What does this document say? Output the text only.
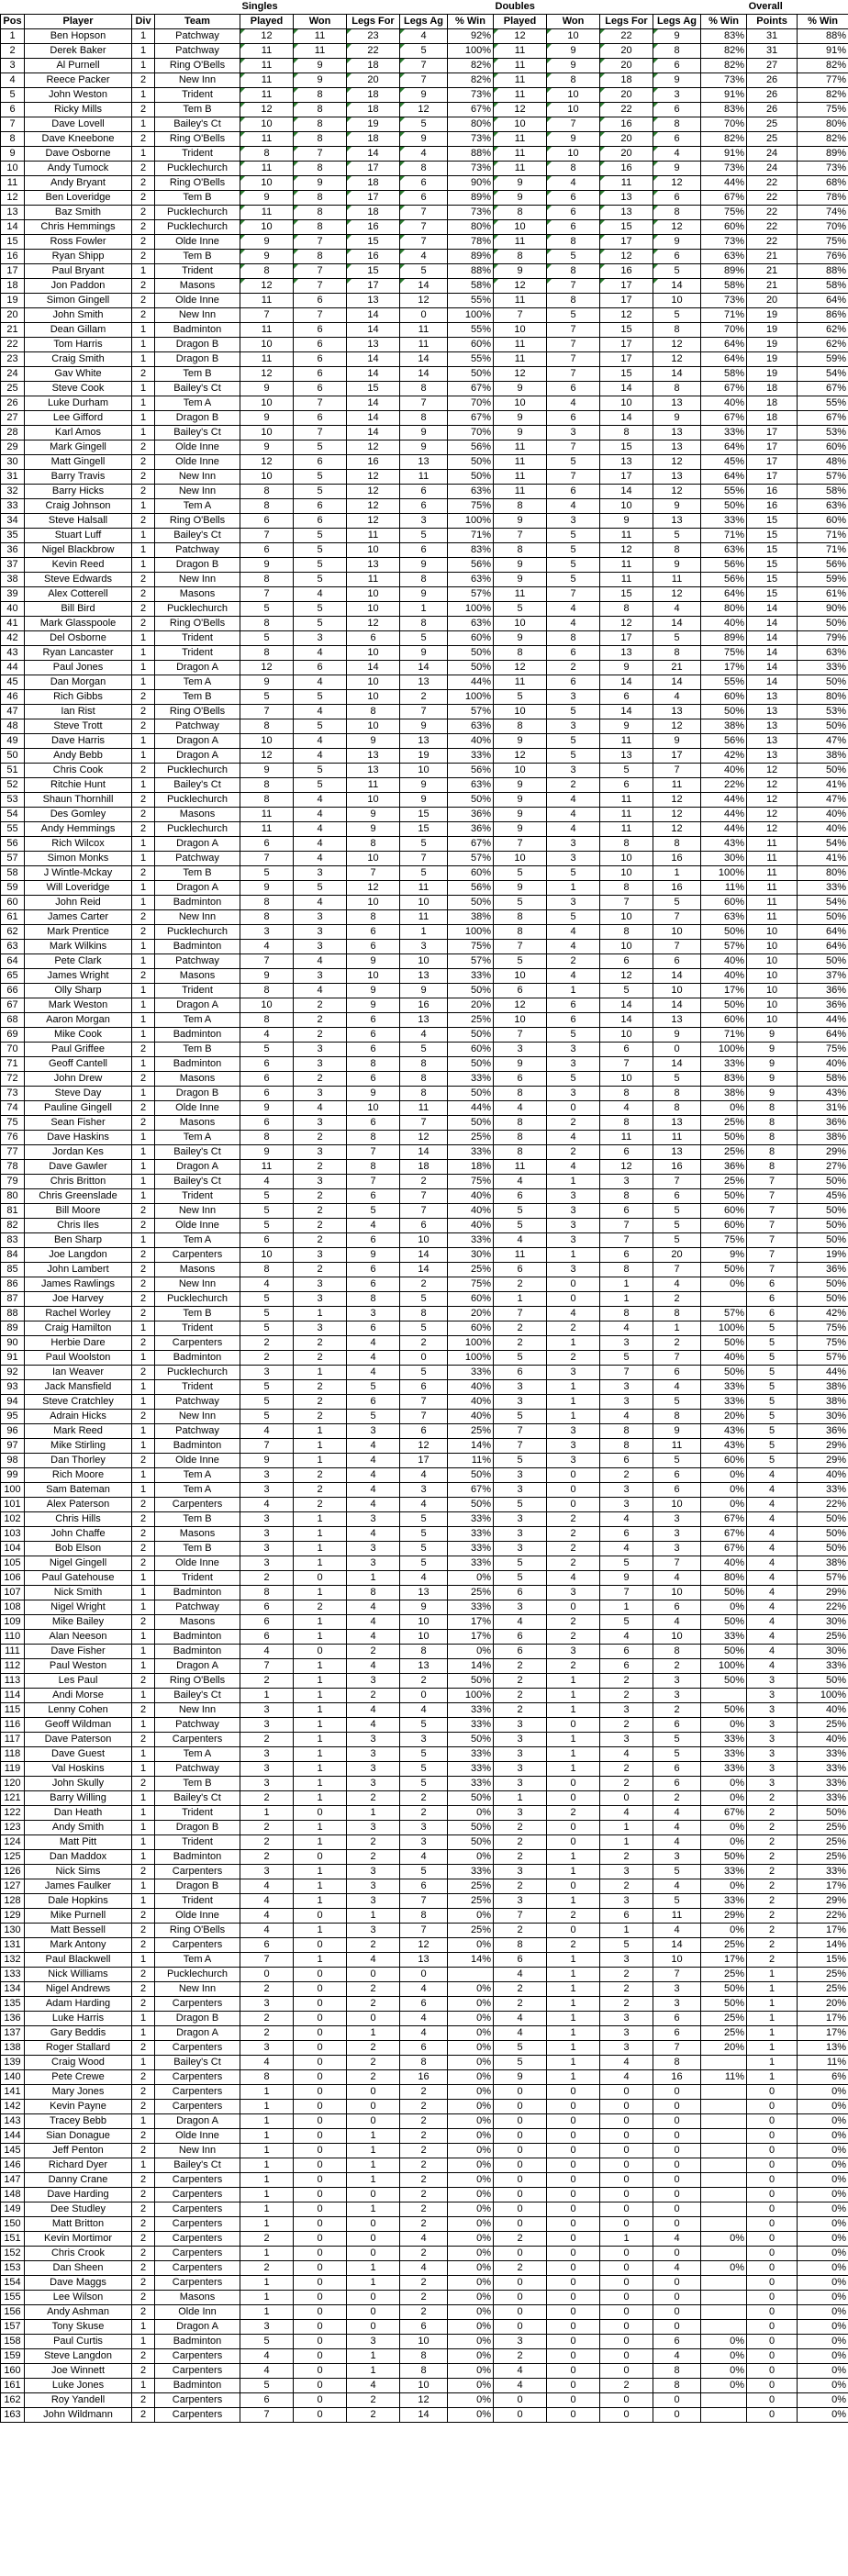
				Singles					Doubles					Overall	
Pos	Player	Div	Team	Played	Won	Legs For	Legs Ag	% Win	Played	Won	Legs For	Legs Ag	% Win	Points	% Win
1	Ben Hopson	1	Patchway	12	11	23	4	92%	12	10	22	9	83%	31	88%
2	Derek Baker	1	Patchway	11	11	22	5	100%	11	9	20	8	82%	31	91%
3	Al Purnell	1	Ring O'Bells	11	9	18	7	82%	11	9	20	6	82%	27	82%
4	Reece Packer	2	New Inn	11	9	20	7	82%	11	8	18	9	73%	26	77%
5	John Weston	1	Trident	11	8	18	9	73%	11	10	20	3	91%	26	82%
6	Ricky Mills	2	Tem B	12	8	18	12	67%	12	10	22	6	83%	26	75%
7	Dave Lovell	1	Bailey's Ct	10	8	19	5	80%	10	7	16	8	70%	25	80%
8	Dave Kneebone	2	Ring O'Bells	11	8	18	9	73%	11	9	20	6	82%	25	82%
9	Dave Osborne	1	Trident	8	7	14	4	88%	11	10	20	4	91%	24	89%
10	Andy Tumock	2	Pucklechurch	11	8	17	8	73%	11	8	16	9	73%	24	73%
11	Andy Bryant	2	Ring O'Bells	10	9	18	6	90%	9	4	11	12	44%	22	68%
12	Ben Loveridge	2	Tem B	9	8	17	6	89%	9	6	13	6	67%	22	78%
13	Baz Smith	2	Pucklechurch	11	8	18	7	73%	8	6	13	8	75%	22	74%
14	Chris Hemmings	2	Pucklechurch	10	8	16	7	80%	10	6	15	12	60%	22	70%
15	Ross Fowler	2	Olde Inne	9	7	15	7	78%	11	8	17	9	73%	22	75%
16	Ryan Shipp	2	Tem B	9	8	16	4	89%	8	5	12	6	63%	21	76%
17	Paul Bryant	1	Trident	8	7	15	5	88%	9	8	16	5	89%	21	88%
18	Jon Paddon	2	Masons	12	7	17	14	58%	12	7	17	14	58%	21	58%
19	Simon Gingell	2	Olde Inne	11	6	13	12	55%	11	8	17	10	73%	20	64%
20	John Smith	2	New Inn	7	7	14	0	100%	7	5	12	5	71%	19	86%
21	Dean Gillam	1	Badminton	11	6	14	11	55%	10	7	15	8	70%	19	62%
22	Tom Harris	1	Dragon B	10	6	13	11	60%	11	7	17	12	64%	19	62%
23	Craig Smith	1	Dragon B	11	6	14	14	55%	11	7	17	12	64%	19	59%
24	Gav White	2	Tem B	12	6	14	14	50%	12	7	15	14	58%	19	54%
25	Steve Cook	1	Bailey's Ct	9	6	15	8	67%	9	6	14	8	67%	18	67%
26	Luke Durham	1	Tem A	10	7	14	7	70%	10	4	10	13	40%	18	55%
27	Lee Gifford	1	Dragon B	9	6	14	8	67%	9	6	14	9	67%	18	67%
28	Karl Amos	1	Bailey's Ct	10	7	14	9	70%	9	3	8	13	33%	17	53%
29	Mark Gingell	2	Olde Inne	9	5	12	9	56%	11	7	15	13	64%	17	60%
30	Matt Gingell	2	Olde Inne	12	6	16	13	50%	11	5	13	12	45%	17	48%
31	Barry Travis	2	New Inn	10	5	12	11	50%	11	7	17	13	64%	17	57%
32	Barry Hicks	2	New Inn	8	5	12	6	63%	11	6	14	12	55%	16	58%
33	Craig Johnson	1	Tem A	8	6	12	6	75%	8	4	10	9	50%	16	63%
34	Steve Halsall	2	Ring O'Bells	6	6	12	3	100%	9	3	9	13	33%	15	60%
35	Stuart Luff	1	Bailey's Ct	7	5	11	5	71%	7	5	11	5	71%	15	71%
36	Nigel Blackbrow	1	Patchway	6	5	10	6	83%	8	5	12	8	63%	15	71%
37	Kevin Reed	1	Dragon B	9	5	13	9	56%	9	5	11	9	56%	15	56%
38	Steve Edwards	2	New Inn	8	5	11	8	63%	9	5	11	11	56%	15	59%
39	Alex Cotterell	2	Masons	7	4	10	9	57%	11	7	15	12	64%	15	61%
40	Bill Bird	2	Pucklechurch	5	5	10	1	100%	5	4	8	4	80%	14	90%
41	Mark Glasspoole	2	Ring O'Bells	8	5	12	8	63%	10	4	12	14	40%	14	50%
42	Del Osborne	1	Trident	5	3	6	5	60%	9	8	17	5	89%	14	79%
43	Ryan Lancaster	1	Trident	8	4	10	9	50%	8	6	13	8	75%	14	63%
44	Paul Jones	1	Dragon A	12	6	14	14	50%	12	2	9	21	17%	14	33%
45	Dan Morgan	1	Tem A	9	4	10	13	44%	11	6	14	14	55%	14	50%
46	Rich Gibbs	2	Tem B	5	5	10	2	100%	5	3	6	4	60%	13	80%
47	Ian Rist	2	Ring O'Bells	7	4	8	7	57%	10	5	14	13	50%	13	53%
48	Steve Trott	2	Patchway	8	5	10	9	63%	8	3	9	12	38%	13	50%
49	Dave Harris	1	Dragon A	10	4	9	13	40%	9	5	11	9	56%	13	47%
50	Andy Bebb	1	Dragon A	12	4	13	19	33%	12	5	13	17	42%	13	38%
51	Chris Cook	2	Pucklechurch	9	5	13	10	56%	10	3	5	7	40%	12	50%
52	Ritchie Hunt	1	Bailey's Ct	8	5	11	9	63%	9	2	6	11	22%	12	41%
53	Shaun Thornhill	2	Pucklechurch	8	4	10	9	50%	9	4	11	12	44%	12	47%
54	Des Gomley	2	Masons	11	4	9	15	36%	9	4	11	12	44%	12	40%
55	Andy Hemmings	2	Pucklechurch	11	4	9	15	36%	9	4	11	12	44%	12	40%
56	Rich Wilcox	1	Dragon A	6	4	8	5	67%	7	3	8	8	43%	11	54%
57	Simon Monks	1	Patchway	7	4	10	7	57%	10	3	10	16	30%	11	41%
58	J Wintle-Mckay	2	Tem B	5	3	7	5	60%	5	5	10	1	100%	11	80%
59	Will Loveridge	1	Dragon A	9	5	12	11	56%	9	1	8	16	11%	11	33%
60	John Reid	1	Badminton	8	4	10	10	50%	5	3	7	5	60%	11	54%
61	James Carter	2	New Inn	8	3	8	11	38%	8	5	10	7	63%	11	50%
62	Mark Prentice	2	Pucklechurch	3	3	6	1	100%	8	4	8	10	50%	10	64%
63	Mark Wilkins	1	Badminton	4	3	6	3	75%	7	4	10	7	57%	10	64%
64	Pete Clark	1	Patchway	7	4	9	10	57%	5	2	6	6	40%	10	50%
65	James Wright	2	Masons	9	3	10	13	33%	10	4	12	14	40%	10	37%
66	Olly Sharp	1	Trident	8	4	9	9	50%	6	1	5	10	17%	10	36%
67	Mark Weston	1	Dragon A	10	2	9	16	20%	12	6	14	14	50%	10	36%
68	Aaron Morgan	1	Tem A	8	2	6	13	25%	10	6	14	13	60%	10	44%
69	Mike Cook	1	Badminton	4	2	6	4	50%	7	5	10	9	71%	9	64%
70	Paul Griffee	2	Tem B	5	3	6	5	60%	3	3	6	0	100%	9	75%
71	Geoff Cantell	1	Badminton	6	3	8	8	50%	9	3	7	14	33%	9	40%
72	John Drew	2	Masons	6	2	6	8	33%	6	5	10	5	83%	9	58%
73	Steve Day	1	Dragon B	6	3	9	8	50%	8	3	8	8	38%	9	43%
74	Pauline Gingell	2	Olde Inne	9	4	10	11	44%	4	0	4	8	0%	8	31%
75	Sean Fisher	2	Masons	6	3	6	7	50%	8	2	8	13	25%	8	36%
76	Dave Haskins	1	Tem A	8	2	8	12	25%	8	4	11	11	50%	8	38%
77	Jordan Kes	1	Bailey's Ct	9	3	7	14	33%	8	2	6	13	25%	8	29%
78	Dave Gawler	1	Dragon A	11	2	8	18	18%	11	4	12	16	36%	8	27%
79	Chris Britton	1	Bailey's Ct	4	3	7	2	75%	4	1	3	7	25%	7	50%
80	Chris Greenslade	1	Trident	5	2	6	7	40%	6	3	8	6	50%	7	45%
81	Bill Moore	2	New Inn	5	2	5	7	40%	5	3	6	5	60%	7	50%
82	Chris Iles	2	Olde Inne	5	2	4	6	40%	5	3	7	5	60%	7	50%
83	Ben Sharp	1	Tem A	6	2	6	10	33%	4	3	7	5	75%	7	50%
84	Joe Langdon	2	Carpenters	10	3	9	14	30%	11	1	6	20	9%	7	19%
85	John Lambert	2	Masons	8	2	6	14	25%	6	3	8	7	50%	7	36%
86	James Rawlings	2	New Inn	4	3	6	2	75%	2	0	1	4	0%	6	50%
87	Joe Harvey	2	Pucklechurch	5	3	8	5	60%	1	0	1	2		6	50%
88	Rachel Worley	2	Tem B	5	1	3	8	20%	7	4	8	8	57%	6	42%
89	Craig Hamilton	1	Trident	5	3	6	5	60%	2	2	4	1	100%	5	75%
90	Herbie Dare	2	Carpenters	2	2	4	2	100%	2	1	3	2	50%	5	75%
91	Paul Woolston	1	Badminton	2	2	4	0	100%	5	2	5	7	40%	5	57%
92	Ian Weaver	2	Pucklechurch	3	1	4	5	33%	6	3	7	6	50%	5	44%
93	Jack Mansfield	1	Trident	5	2	5	6	40%	3	1	3	4	33%	5	38%
94	Steve Cratchley	1	Patchway	5	2	6	7	40%	3	1	3	5	33%	5	38%
95	Adrain Hicks	2	New Inn	5	2	5	7	40%	5	1	4	8	20%	5	30%
96	Mark Reed	1	Patchway	4	1	3	6	25%	7	3	8	9	43%	5	36%
97	Mike Stirling	1	Badminton	7	1	4	12	14%	7	3	8	11	43%	5	29%
98	Dan Thorley	2	Olde Inne	9	1	4	17	11%	5	3	6	5	60%	5	29%
99	Rich Moore	1	Tem A	3	2	4	4	50%	3	0	2	6	0%	4	40%
100	Sam Bateman	1	Tem A	3	2	4	3	67%	3	0	3	6	0%	4	33%
101	Alex Paterson	2	Carpenters	4	2	4	4	50%	5	0	3	10	0%	4	22%
102	Chris Hills	2	Tem B	3	1	3	5	33%	3	2	4	3	67%	4	50%
103	John Chaffe	2	Masons	3	1	4	5	33%	3	2	6	3	67%	4	50%
104	Bob Elson	2	Tem B	3	1	3	5	33%	3	2	4	3	67%	4	50%
105	Nigel Gingell	2	Olde Inne	3	1	3	5	33%	5	2	5	7	40%	4	38%
106	Paul Gatehouse	1	Trident	2	0	1	4	0%	5	4	9	4	80%	4	57%
107	Nick Smith	1	Badminton	8	1	8	13	25%	6	3	7	10	50%	4	29%
108	Nigel Wright	1	Patchway	6	2	4	9	33%	3	0	1	6	0%	4	22%
109	Mike Bailey	2	Masons	6	1	4	10	17%	4	2	5	4	50%	4	30%
110	Alan Neeson	1	Badminton	6	1	4	10	17%	6	2	4	10	33%	4	25%
111	Dave Fisher	1	Badminton	4	0	2	8	0%	6	3	6	8	50%	4	30%
112	Paul Weston	1	Dragon A	7	1	4	13	14%	2	2	6	2	100%	4	33%
113	Les Paul	2	Ring O'Bells	2	1	3	2	50%	2	1	2	3	50%	3	50%
114	Andi Morse	1	Bailey's Ct	1	1	2	0	100%	2	1	2	3		3	100%
115	Lenny Cohen	2	New Inn	3	1	4	4	33%	2	1	3	2	50%	3	40%
116	Geoff Wildman	1	Patchway	3	1	4	5	33%	3	0	2	6	0%	3	25%
117	Dave Paterson	2	Carpenters	2	1	3	3	50%	3	1	3	5	33%	3	40%
118	Dave Guest	1	Tem A	3	1	3	5	33%	3	1	4	5	33%	3	33%
119	Val Hoskins	1	Patchway	3	1	3	5	33%	3	1	2	6	33%	3	33%
120	John Skully	2	Tem B	3	1	3	5	33%	3	0	2	6	0%	3	33%
121	Barry Willing	1	Bailey's Ct	2	1	2	2	50%	1	0	0	2	0%	2	33%
122	Dan Heath	1	Trident	1	0	1	2	0%	3	2	4	4	67%	2	50%
123	Andy Smith	1	Dragon B	2	1	3	3	50%	2	0	1	4	0%	2	25%
124	Matt Pitt	1	Trident	2	1	2	3	50%	2	0	1	4	0%	2	25%
125	Dan Maddox	1	Badminton	2	0	2	4	0%	2	1	2	3	50%	2	25%
126	Nick Sims	2	Carpenters	3	1	3	5	33%	3	1	3	5	33%	2	33%
127	James Faulker	1	Dragon B	4	1	3	6	25%	2	0	2	4	0%	2	17%
128	Dale Hopkins	1	Trident	4	1	3	7	25%	3	1	3	5	33%	2	29%
129	Mike Purnell	2	Olde Inne	4	0	1	8	0%	7	2	6	11	29%	2	22%
130	Matt Bessell	2	Ring O'Bells	4	1	3	7	25%	2	0	1	4	0%	2	17%
131	Mark Antony	2	Carpenters	6	0	2	12	0%	8	2	5	14	25%	2	14%
132	Paul Blackwell	1	Tem A	7	1	4	13	14%	6	1	3	10	17%	2	15%
133	Nick Williams	2	Pucklechurch	0	0	0	0		4	1	2	7	25%	1	25%
134	Nigel Andrews	2	New Inn	2	0	2	4	0%	2	1	2	3	50%	1	25%
135	Adam Harding	2	Carpenters	3	0	2	6	0%	2	1	2	3	50%	1	20%
136	Luke Harris	1	Dragon B	2	0	0	4	0%	4	1	3	6	25%	1	17%
137	Gary Beddis	1	Dragon A	2	0	1	4	0%	4	1	3	6	25%	1	17%
138	Roger Stallard	2	Carpenters	3	0	2	6	0%	5	1	3	7	20%	1	13%
139	Craig Wood	1	Bailey's Ct	4	0	2	8	0%	5	1	4	8		1	11%
140	Pete Crewe	2	Carpenters	8	0	2	16	0%	9	1	4	16	11%	1	6%
141	Mary Jones	2	Carpenters	1	0	0	2	0%	0	0	0	0		0	0%
142	Kevin Payne	2	Carpenters	1	0	0	2	0%	0	0	0	0		0	0%
143	Tracey Bebb	1	Dragon A	1	0	0	2	0%	0	0	0	0		0	0%
144	Sian Donague	2	Olde Inne	1	0	1	2	0%	0	0	0	0		0	0%
145	Jeff Penton	2	New Inn	1	0	1	2	0%	0	0	0	0		0	0%
146	Richard Dyer	1	Bailey's Ct	1	0	1	2	0%	0	0	0	0		0	0%
147	Danny Crane	2	Carpenters	1	0	1	2	0%	0	0	0	0		0	0%
148	Dave Harding	2	Carpenters	1	0	0	2	0%	0	0	0	0		0	0%
149	Dee Studley	2	Carpenters	1	0	1	2	0%	0	0	0	0		0	0%
150	Matt Britton	2	Carpenters	1	0	0	2	0%	0	0	0	0		0	0%
151	Kevin Mortimor	2	Carpenters	2	0	0	4	0%	2	0	1	4	0%	0	0%
152	Chris Crook	2	Carpenters	1	0	0	2	0%	0	0	0	0		0	0%
153	Dan Sheen	2	Carpenters	2	0	1	4	0%	2	0	0	4	0%	0	0%
154	Dave Maggs	2	Carpenters	1	0	1	2	0%	0	0	0	0		0	0%
155	Lee Wilson	2	Masons	1	0	0	2	0%	0	0	0	0		0	0%
156	Andy Ashman	2	Olde Inn	1	0	0	2	0%	0	0	0	0		0	0%
157	Tony Skuse	1	Dragon A	3	0	0	6	0%	0	0	0	0		0	0%
158	Paul Curtis	1	Badminton	5	0	3	10	0%	3	0	0	6	0%	0	0%
159	Steve Langdon	2	Carpenters	4	0	1	8	0%	2	0	0	4	0%	0	0%
160	Joe Winnett	2	Carpenters	4	0	1	8	0%	4	0	0	8	0%	0	0%
161	Luke Jones	1	Badminton	5	0	4	10	0%	4	0	2	8	0%	0	0%
162	Roy Yandell	2	Carpenters	6	0	2	12	0%	0	0	0	0		0	0%
163	John Wildmann	2	Carpenters	7	0	2	14	0%	0	0	0	0		0	0%
